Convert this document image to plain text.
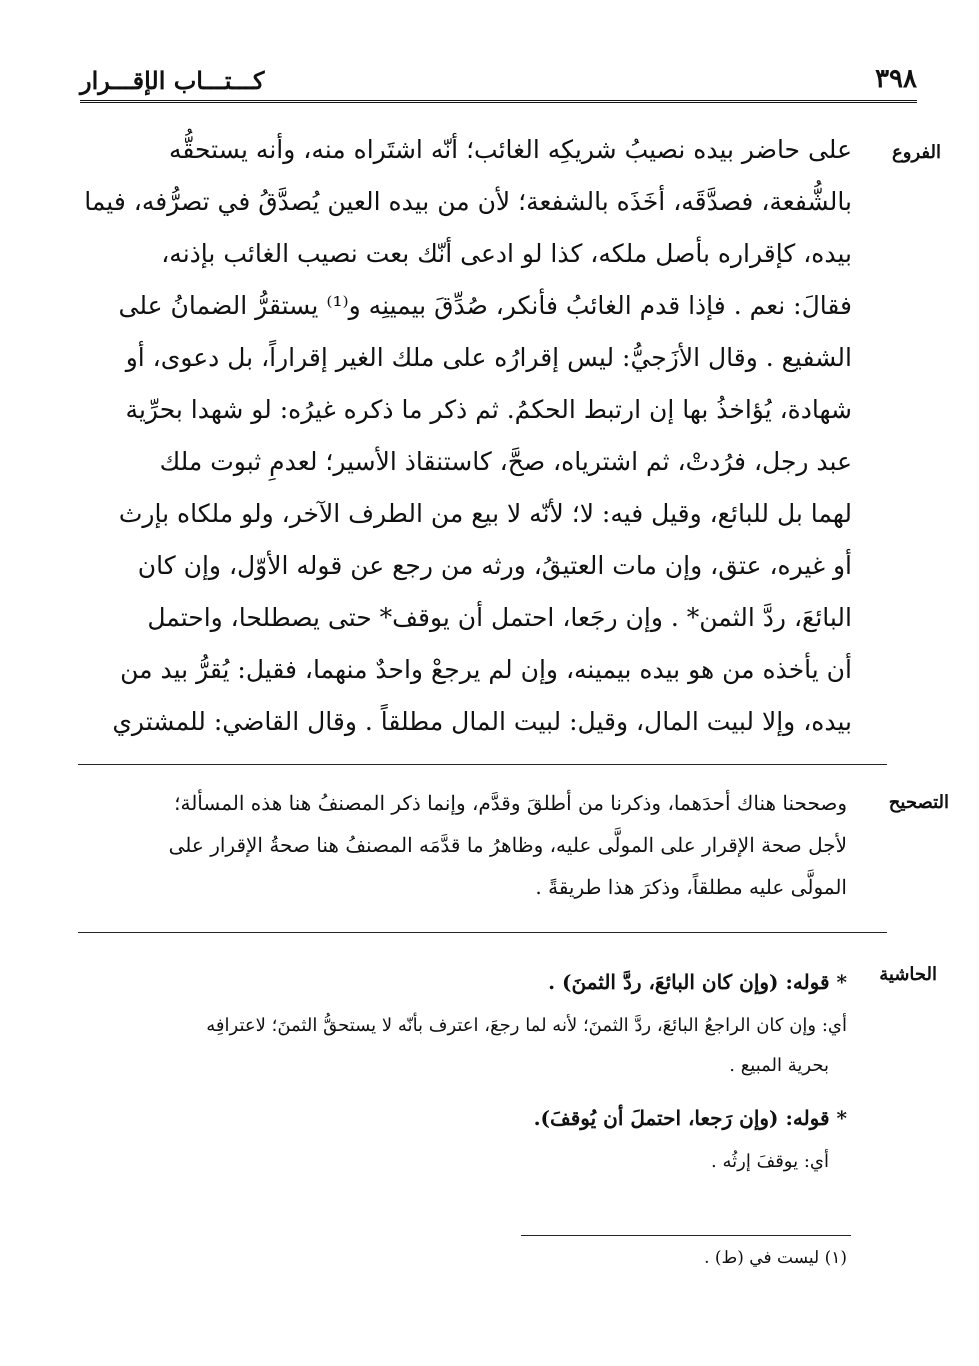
٣٩٨
كـــتـــاب الإقـــرار
الفروع
على حاضر بيده نصيبُ شريكِه الغائب؛ أنّه اشتَراه منه، وأنه يستحقُّه
بالشُّفعة، فصدَّقَه، أخَذَه بالشفعة؛ لأن من بيده العين يُصدَّقُ في تصرُّفه، فيما
بيده، كإقراره بأصل ملكه، كذا لو ادعى أنّك بعت نصيب الغائب بإذنه،
فقالَ: نعم . فإذا قدم الغائبُ فأنكر، صُدِّقَ بيمينِه و⁽¹⁾ يستقرُّ الضمانُ على
الشفيع . وقال الأزَجيُّ: ليس إقرارُه على ملك الغير إقراراً، بل دعوى، أو
شهادة، يُؤاخذُ بها إن ارتبط الحكمُ. ثم ذكر ما ذكره غيرُه: لو شهدا بحرِّية
عبد رجل، فرُدتْ، ثم اشترياه، صحَّ، كاستنقاذ الأسير؛ لعدمِ ثبوت ملك
لهما بل للبائع، وقيل فيه: لا؛ لأنّه لا بيع من الطرف الآخر، ولو ملكاه بإرث
أو غيره، عتق، وإن مات العتيقُ، ورثه من رجع عن قوله الأوّل، وإن كان
البائعَ، ردَّ الثمن* . وإن رجَعا، احتمل أن يوقف* حتى يصطلحا، واحتمل
أن يأخذه من هو بيده بيمينه، وإن لم يرجعْ واحدٌ منهما، فقيل: يُقرُّ بيد من
بيده، وإلا لبيت المال، وقيل: لبيت المال مطلقاً . وقال القاضي: للمشتري
التصحيح
وصححنا هناك أحدَهما، وذكرنا من أطلقَ وقدَّم، وإنما ذكر المصنفُ هنا هذه المسألة؛
لأجل صحة الإقرار على المولَّى عليه، وظاهرُ ما قدَّمَه المصنفُ هنا صحةُ الإقرار على
المولَّى عليه مطلقاً، وذكرَ هذا طريقةً .
الحاشية
* قوله: (وإن كان البائعَ، ردَّ الثمنَ) .
أي: وإن كان الراجعُ البائعَ، ردَّ الثمنَ؛ لأنه لما رجعَ، اعترف بأنّه لا يستحقُّ الثمنَ؛ لاعترافِه
بحرية المبيع .
* قوله: (وإن رَجعا، احتملَ أن يُوقفَ).
أي: يوقفَ إرثُه .
(١) ليست في (ط) .
